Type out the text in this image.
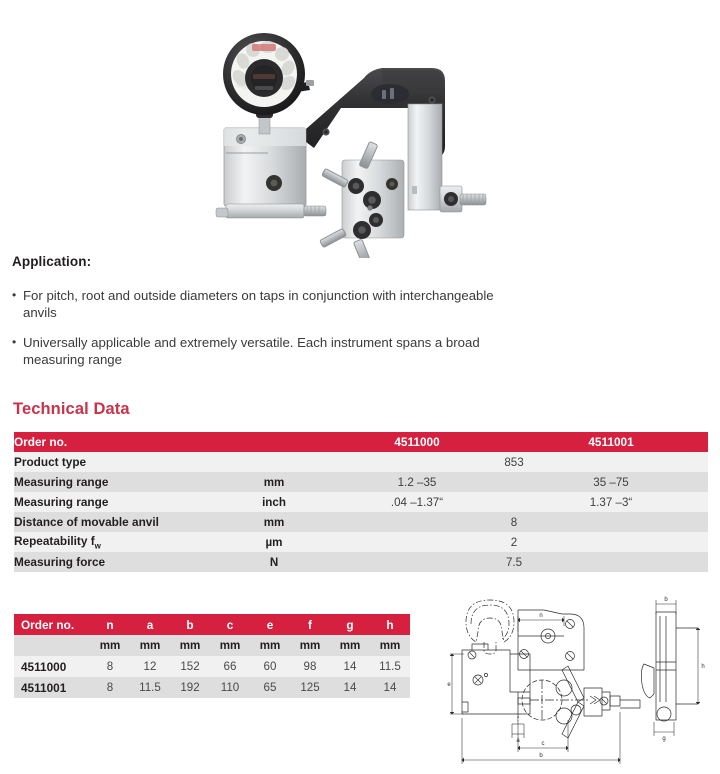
Application:
• For pitch, root and outside diameters on taps in conjunction with interchangeable anvils
• Universally applicable and extremely versatile. Each instrument spans a broad measuring range
Technical Data
Order no.		4511000	4511001
Product type		853	
Measuring range	mm	1.2 –35	35 –75
Measuring range	inch	.04 –1.37“	1.37 –3“
Distance of movable anvil	mm	8	
Repeatability $f_w$	µm	2	
Measuring force	N	7.5	
Order no.	n	a	b	c	e	f	g	h
	mm	mm	mm	mm	mm	mm	mm	mm
4511000	8	12	152	66	60	98	14	11.5
4511001	8	11.5	192	110	65	125	14	14
n
e
a
f
c
b
h
b
g
